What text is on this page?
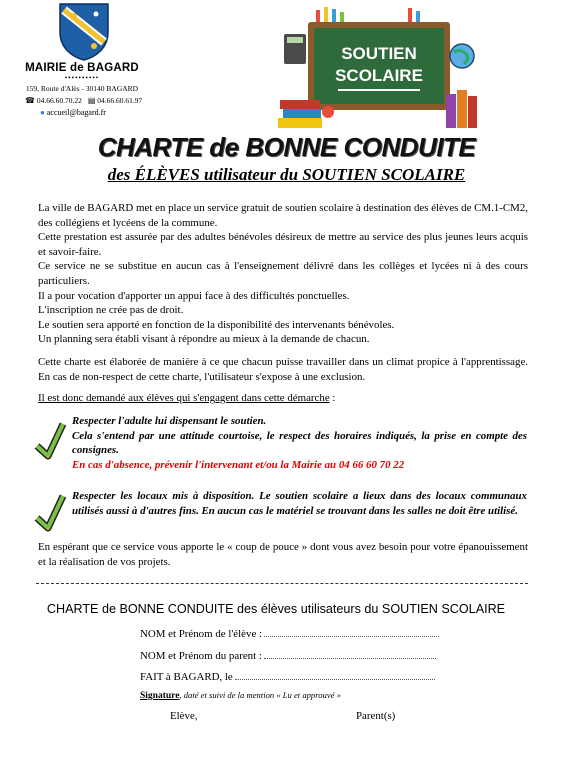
MAIRIE de BAGARD
••••••••••
159, Route d'Alès - 30140 BAGARD
☎ 04.66.60.70.22 ▤ 04.66.60.61.97
● accueil@bagard.fr
SOUTIEN
SCOLAIRE
CHARTE de BONNE CONDUITE
des ÉLÈVES utilisateur du SOUTIEN SCOLAIRE

La ville de BAGARD met en place un service gratuit de soutien scolaire à destination des élèves de CM.1-CM2, des collégiens et lycéens de la commune.

Cette prestation est assurée par des adultes bénévoles désireux de mettre au service des plus jeunes leurs acquis et savoir-faire.

Ce service ne se substitue en aucun cas à l'enseignement délivré dans les collèges et lycées ni à des cours particuliers.

Il a pour vocation d'apporter un appui face à des difficultés ponctuelles.

L'inscription ne crée pas de droit.

Le soutien sera apporté en fonction de la disponibilité des intervenants bénévoles.

Un planning sera établi visant à répondre au mieux à la demande de chacun.

Cette charte est élaborée de manière à ce que chacun puisse travailler dans un climat propice à l'apprentissage. En cas de non-respect de cette charte, l'utilisateur s'expose à une exclusion.

Il est donc demandé aux élèves qui s'engagent dans cette démarche :

Respecter l'adulte lui dispensant le soutien.

Cela s'entend par une attitude courtoise, le respect des horaires indiqués, la prise en compte des consignes.

En cas d'absence, prévenir l'intervenant et/ou la Mairie au 04 66 60 70 22

Respecter les locaux mis à disposition. Le soutien scolaire a lieux dans des locaux communaux utilisés aussi à d'autres fins. En aucun cas le matériel se trouvant dans les salles ne doit être utilisé.

En espérant que ce service vous apporte le « coup de pouce » dont vous avez besoin pour votre épanouissement et la réalisation de vos projets.

CHARTE de BONNE CONDUITE des élèves utilisateurs du SOUTIEN SCOLAIRE
NOM et Prénom de l'élève :
NOM et Prénom du parent :
FAIT à BAGARD, le
Signature, daté et suivi de la mention « Lu et approuvé »
Elève,	Parent(s)
